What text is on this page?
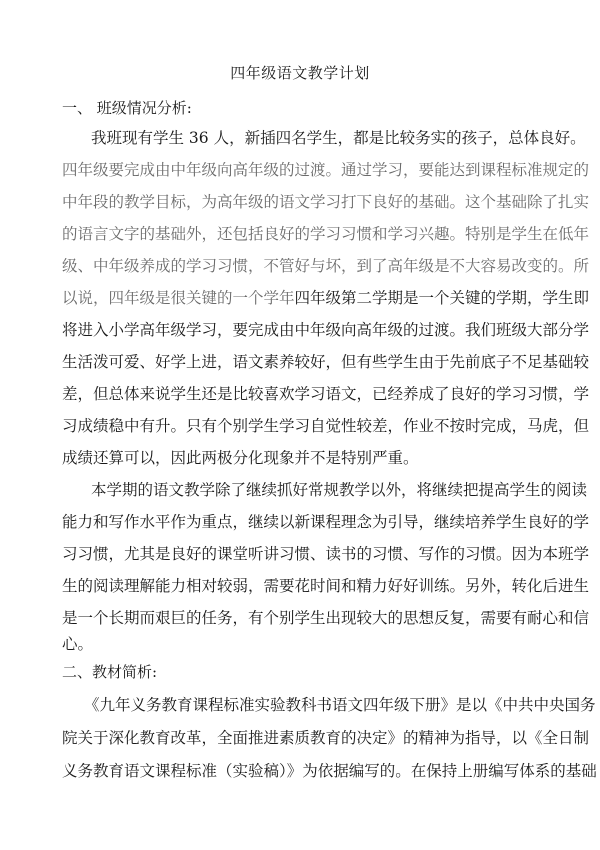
四年级语文教学计划
一、 班级情况分析:
我班现有学生 36 人，新插四名学生，都是比较务实的孩子，总体良好。
四年级要完成由中年级向高年级的过渡。通过学习，要能达到课程标准规定的
中年段的教学目标，为高年级的语文学习打下良好的基础。这个基础除了扎实
的语言文字的基础外，还包括良好的学习习惯和学习兴趣。特别是学生在低年
级、中年级养成的学习习惯，不管好与坏，到了高年级是不大容易改变的。所
以说，四年级是很关键的一个学年四年级第二学期是一个关键的学期，学生即
将进入小学高年级学习，要完成由中年级向高年级的过渡。我们班级大部分学
生活泼可爱、好学上进，语文素养较好，但有些学生由于先前底子不足基础较
差，但总体来说学生还是比较喜欢学习语文，已经养成了良好的学习习惯，学
习成绩稳中有升。只有个别学生学习自觉性较差，作业不按时完成，马虎，但
成绩还算可以，因此两极分化现象并不是特别严重。
本学期的语文教学除了继续抓好常规教学以外，将继续把提高学生的阅读
能力和写作水平作为重点，继续以新课程理念为引导，继续培养学生良好的学
习习惯，尤其是良好的课堂听讲习惯、读书的习惯、写作的习惯。因为本班学
生的阅读理解能力相对较弱，需要花时间和精力好好训练。另外，转化后进生
是一个长期而艰巨的任务，有个别学生出现较大的思想反复，需要有耐心和信
心。
二、教材简析:
《九年义务教育课程标准实验教科书语文四年级下册》是以《中共中央国务
院关于深化教育改革，全面推进素质教育的决定》的精神为指导，以《全日制
义务教育语文课程标准（实验稿）》为依据编写的。在保持上册编写体系的基础
